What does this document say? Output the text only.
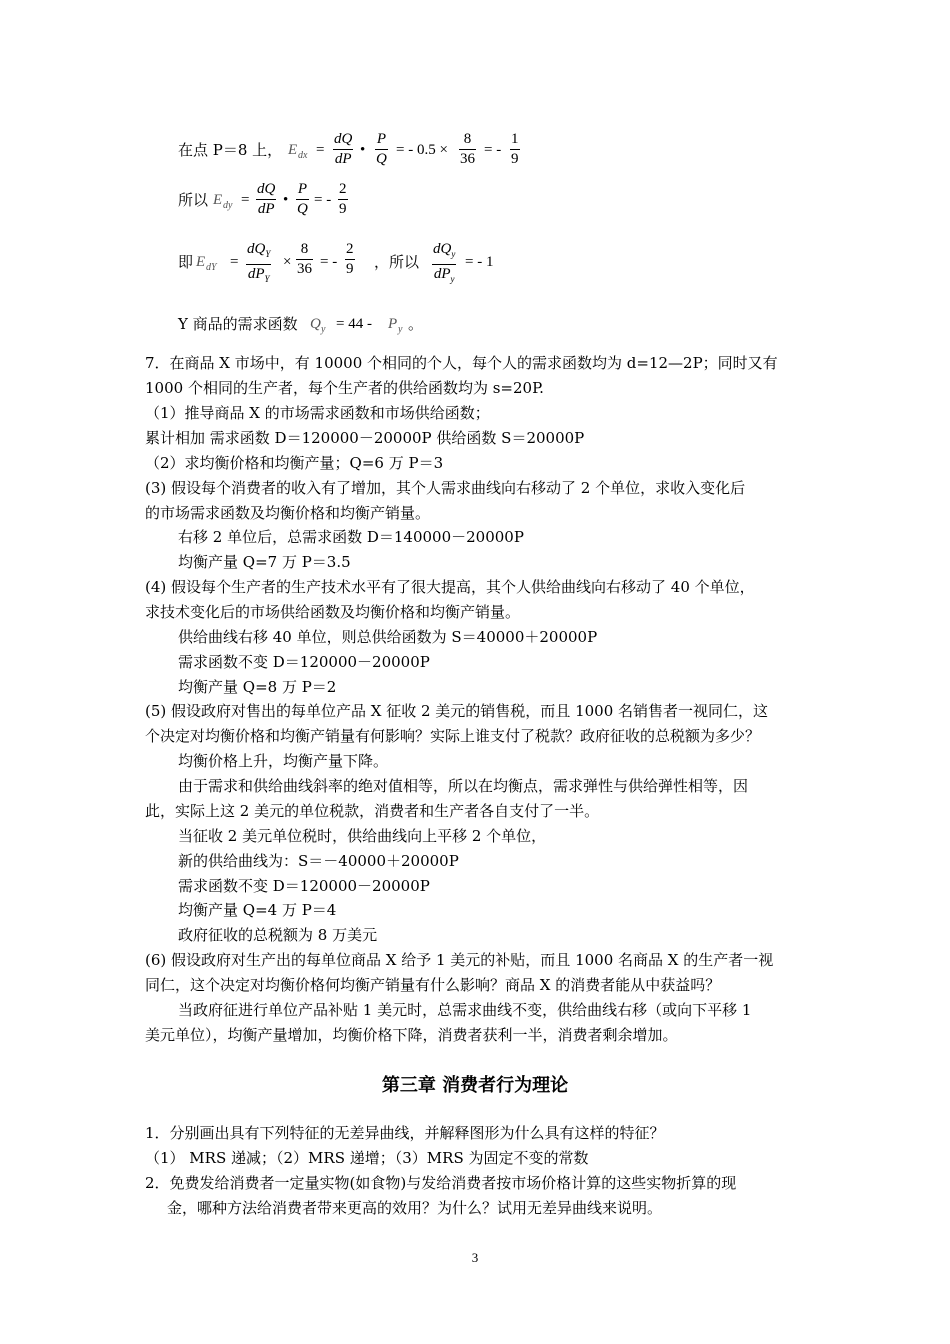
在点 P＝8 上， E dx =
dQ
dP
•
P
Q
= - 0.5 ×
8
36
= -
1
9
所以 E dy =
dQ
dP
•
P
Q
= -
2
9
即 E dY =
$dQ_Y$
$dP_Y$
×
8
36 = -
2
9 ，所以
$dQ_y$
$dP_y$
= - 1
Y 商品的需求函数 Q y = 44 - P y 。
7．在商品 X 市场中，有 10000 个相同的个人，每个人的需求函数均为 d=12—2P；同时又有
1000 个相同的生产者，每个生产者的供给函数均为 s=20P.
（1）推导商品 X 的市场需求函数和市场供给函数；
累计相加 需求函数 D＝120000－20000P 供给函数 S＝20000P
（2）求均衡价格和均衡产量；Q=6 万 P＝3
(3) 假设每个消费者的收入有了增加，其个人需求曲线向右移动了 2 个单位，求收入变化后
的市场需求函数及均衡价格和均衡产销量。
右移 2 单位后，总需求函数 D＝140000－20000P
均衡产量 Q=7 万 P＝3.5
(4) 假设每个生产者的生产技术水平有了很大提高，其个人供给曲线向右移动了 40 个单位，
求技术变化后的市场供给函数及均衡价格和均衡产销量。
供给曲线右移 40 单位，则总供给函数为 S＝40000＋20000P
需求函数不变 D＝120000－20000P
均衡产量 Q=8 万 P＝2
(5) 假设政府对售出的每单位产品 X 征收 2 美元的销售税，而且 1000 名销售者一视同仁，这
个决定对均衡价格和均衡产销量有何影响？实际上谁支付了税款？政府征收的总税额为多少？
均衡价格上升，均衡产量下降。
由于需求和供给曲线斜率的绝对值相等，所以在均衡点，需求弹性与供给弹性相等，因
此，实际上这 2 美元的单位税款，消费者和生产者各自支付了一半。
当征收 2 美元单位税时，供给曲线向上平移 2 个单位，
新的供给曲线为：S＝－40000＋20000P
需求函数不变 D＝120000－20000P
均衡产量 Q=4 万 P＝4
政府征收的总税额为 8 万美元
(6) 假设政府对生产出的每单位商品 X 给予 1 美元的补贴，而且 1000 名商品 X 的生产者一视
同仁，这个决定对均衡价格何均衡产销量有什么影响？商品 X 的消费者能从中获益吗？
当政府征进行单位产品补贴 1 美元时，总需求曲线不变，供给曲线右移（或向下平移 1
美元单位），均衡产量增加，均衡价格下降，消费者获利一半，消费者剩余增加。
第三章 消费者行为理论
1．分别画出具有下列特征的无差异曲线，并解释图形为什么具有这样的特征？
（1） MRS 递减；（2）MRS 递增；（3）MRS 为固定不变的常数
2．免费发给消费者一定量实物(如食物)与发给消费者按市场价格计算的这些实物折算的现
金，哪种方法给消费者带来更高的效用？为什么？试用无差异曲线来说明。
3
